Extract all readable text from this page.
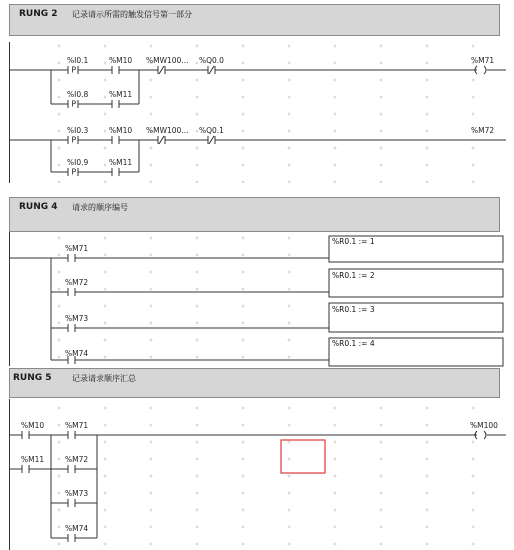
RUNG 2 记录请示所需的触发信号第一部分
P
%I0.1	%M10 %MW100... %Q0.0	%M71
P
%I0.8	%M11
P
%I0.3	%M10 %MW100... %Q0.1	%M72
P
%I0.9	%M11
RUNG 4 请求的顺序编号
RUNG 5	记录请求顺序汇总
%M71
%R0.1 := 1
%M72
%R0.1 := 2
%M73
%R0.1 := 3
%M74
%R0.1 := 4
%M10
%M11
%M71
%M72
%M73
%M74
%M100
